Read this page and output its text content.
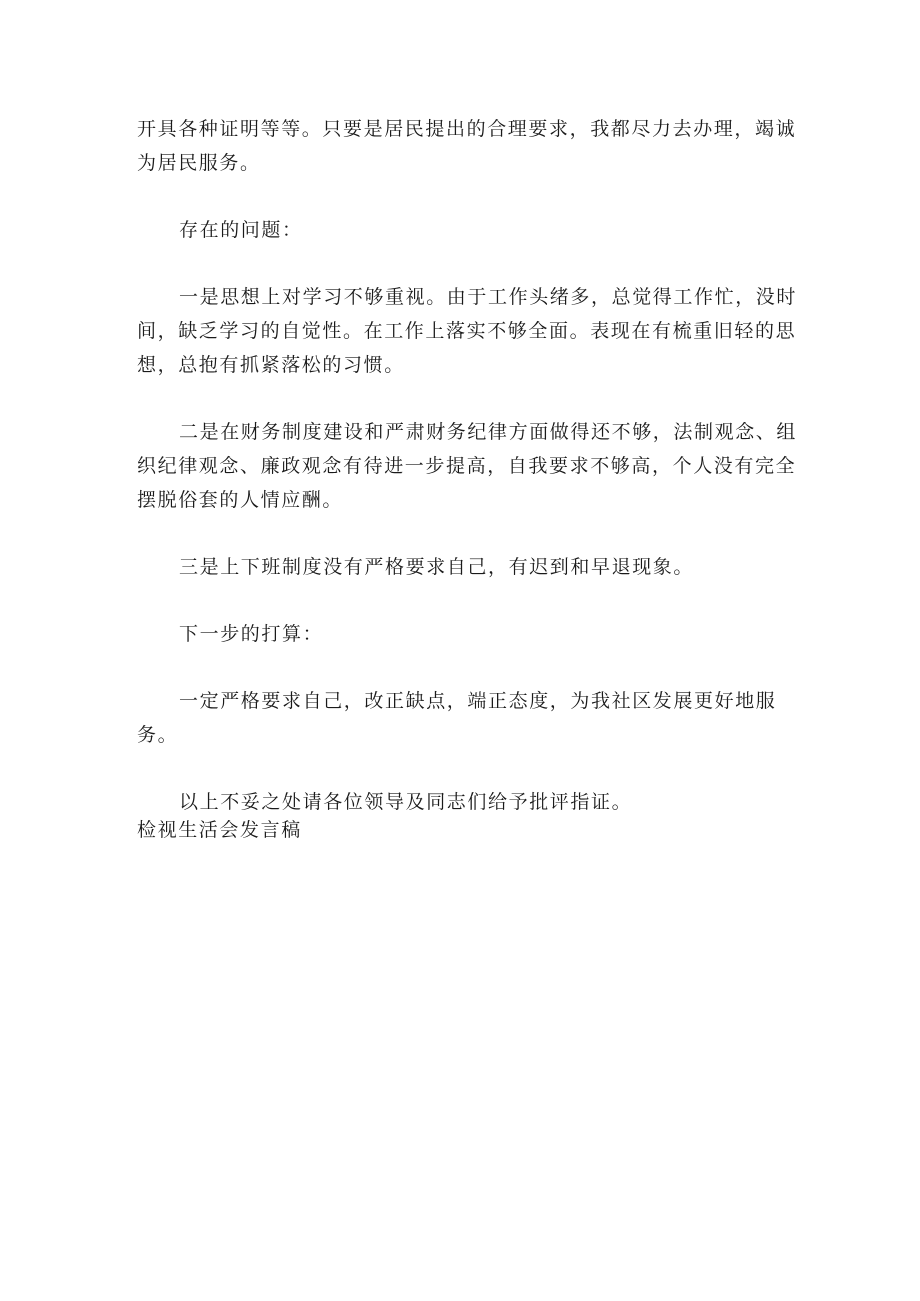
开具各种证明等等。只要是居民提出的合理要求，我都尽力去办理，竭诚为居民服务。

存在的问题：

一是思想上对学习不够重视。由于工作头绪多，总觉得工作忙，没时间，缺乏学习的自觉性。在工作上落实不够全面。表现在有梳重旧轻的思想，总抱有抓紧落松的习惯。

二是在财务制度建设和严肃财务纪律方面做得还不够，法制观念、组织纪律观念、廉政观念有待进一步提高，自我要求不够高，个人没有完全摆脱俗套的人情应酬。

三是上下班制度没有严格要求自己，有迟到和早退现象。

下一步的打算：

一定严格要求自己，改正缺点，端正态度，为我社区发展更好地服务。

以上不妥之处请各位领导及同志们给予批评指证。

检视生活会发言稿
